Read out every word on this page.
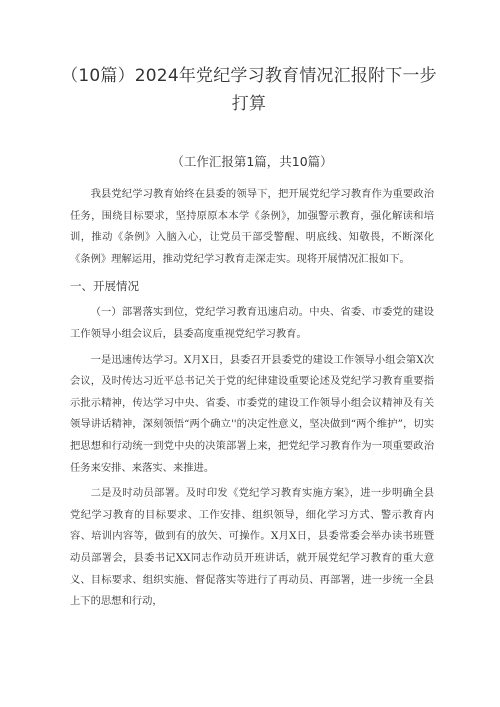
（10篇）2024年党纪学习教育情况汇报附下一步打算
（工作汇报第1篇，共10篇）

我县党纪学习教育始终在县委的领导下，把开展党纪学习教育作为重要政治任务，围绕目标要求，坚持原原本本学《条例》，加强警示教育，强化解读和培训，推动《条例》入脑入心，让党员干部受警醒、明底线、知敬畏，不断深化《条例》理解运用，推动党纪学习教育走深走实。现将开展情况汇报如下。

一、开展情况

（一）部署落实到位，党纪学习教育迅速启动。中央、省委、市委党的建设工作领导小组会议后，县委高度重视党纪学习教育。

一是迅速传达学习。X月X日，县委召开县委党的建设工作领导小组会第X次会议，及时传达习近平总书记关于党的纪律建设重要论述及党纪学习教育重要指示批示精神，传达学习中央、省委、市委党的建设工作领导小组会议精神及有关领导讲话精神，深刻领悟“两个确立''的决定性意义，坚决做到“两个维护”，切实把思想和行动统一到党中央的决策部署上来，把党纪学习教育作为一项重要政治任务来安排、来落实、来推进。

二是及时动员部署。及时印发《党纪学习教育实施方案》，进一步明确全县党纪学习教育的目标要求、工作安排、组织领导，细化学习方式、警示教育内容、培训内容等，做到有的放矢、可操作。X月X日，县委常委会举办读书班暨动员部署会，县委书记XX同志作动员开班讲话，就开展党纪学习教育的重大意义、目标要求、组织实施、督促落实等进行了再动员、再部署，进一步统一全县上下的思想和行动，
